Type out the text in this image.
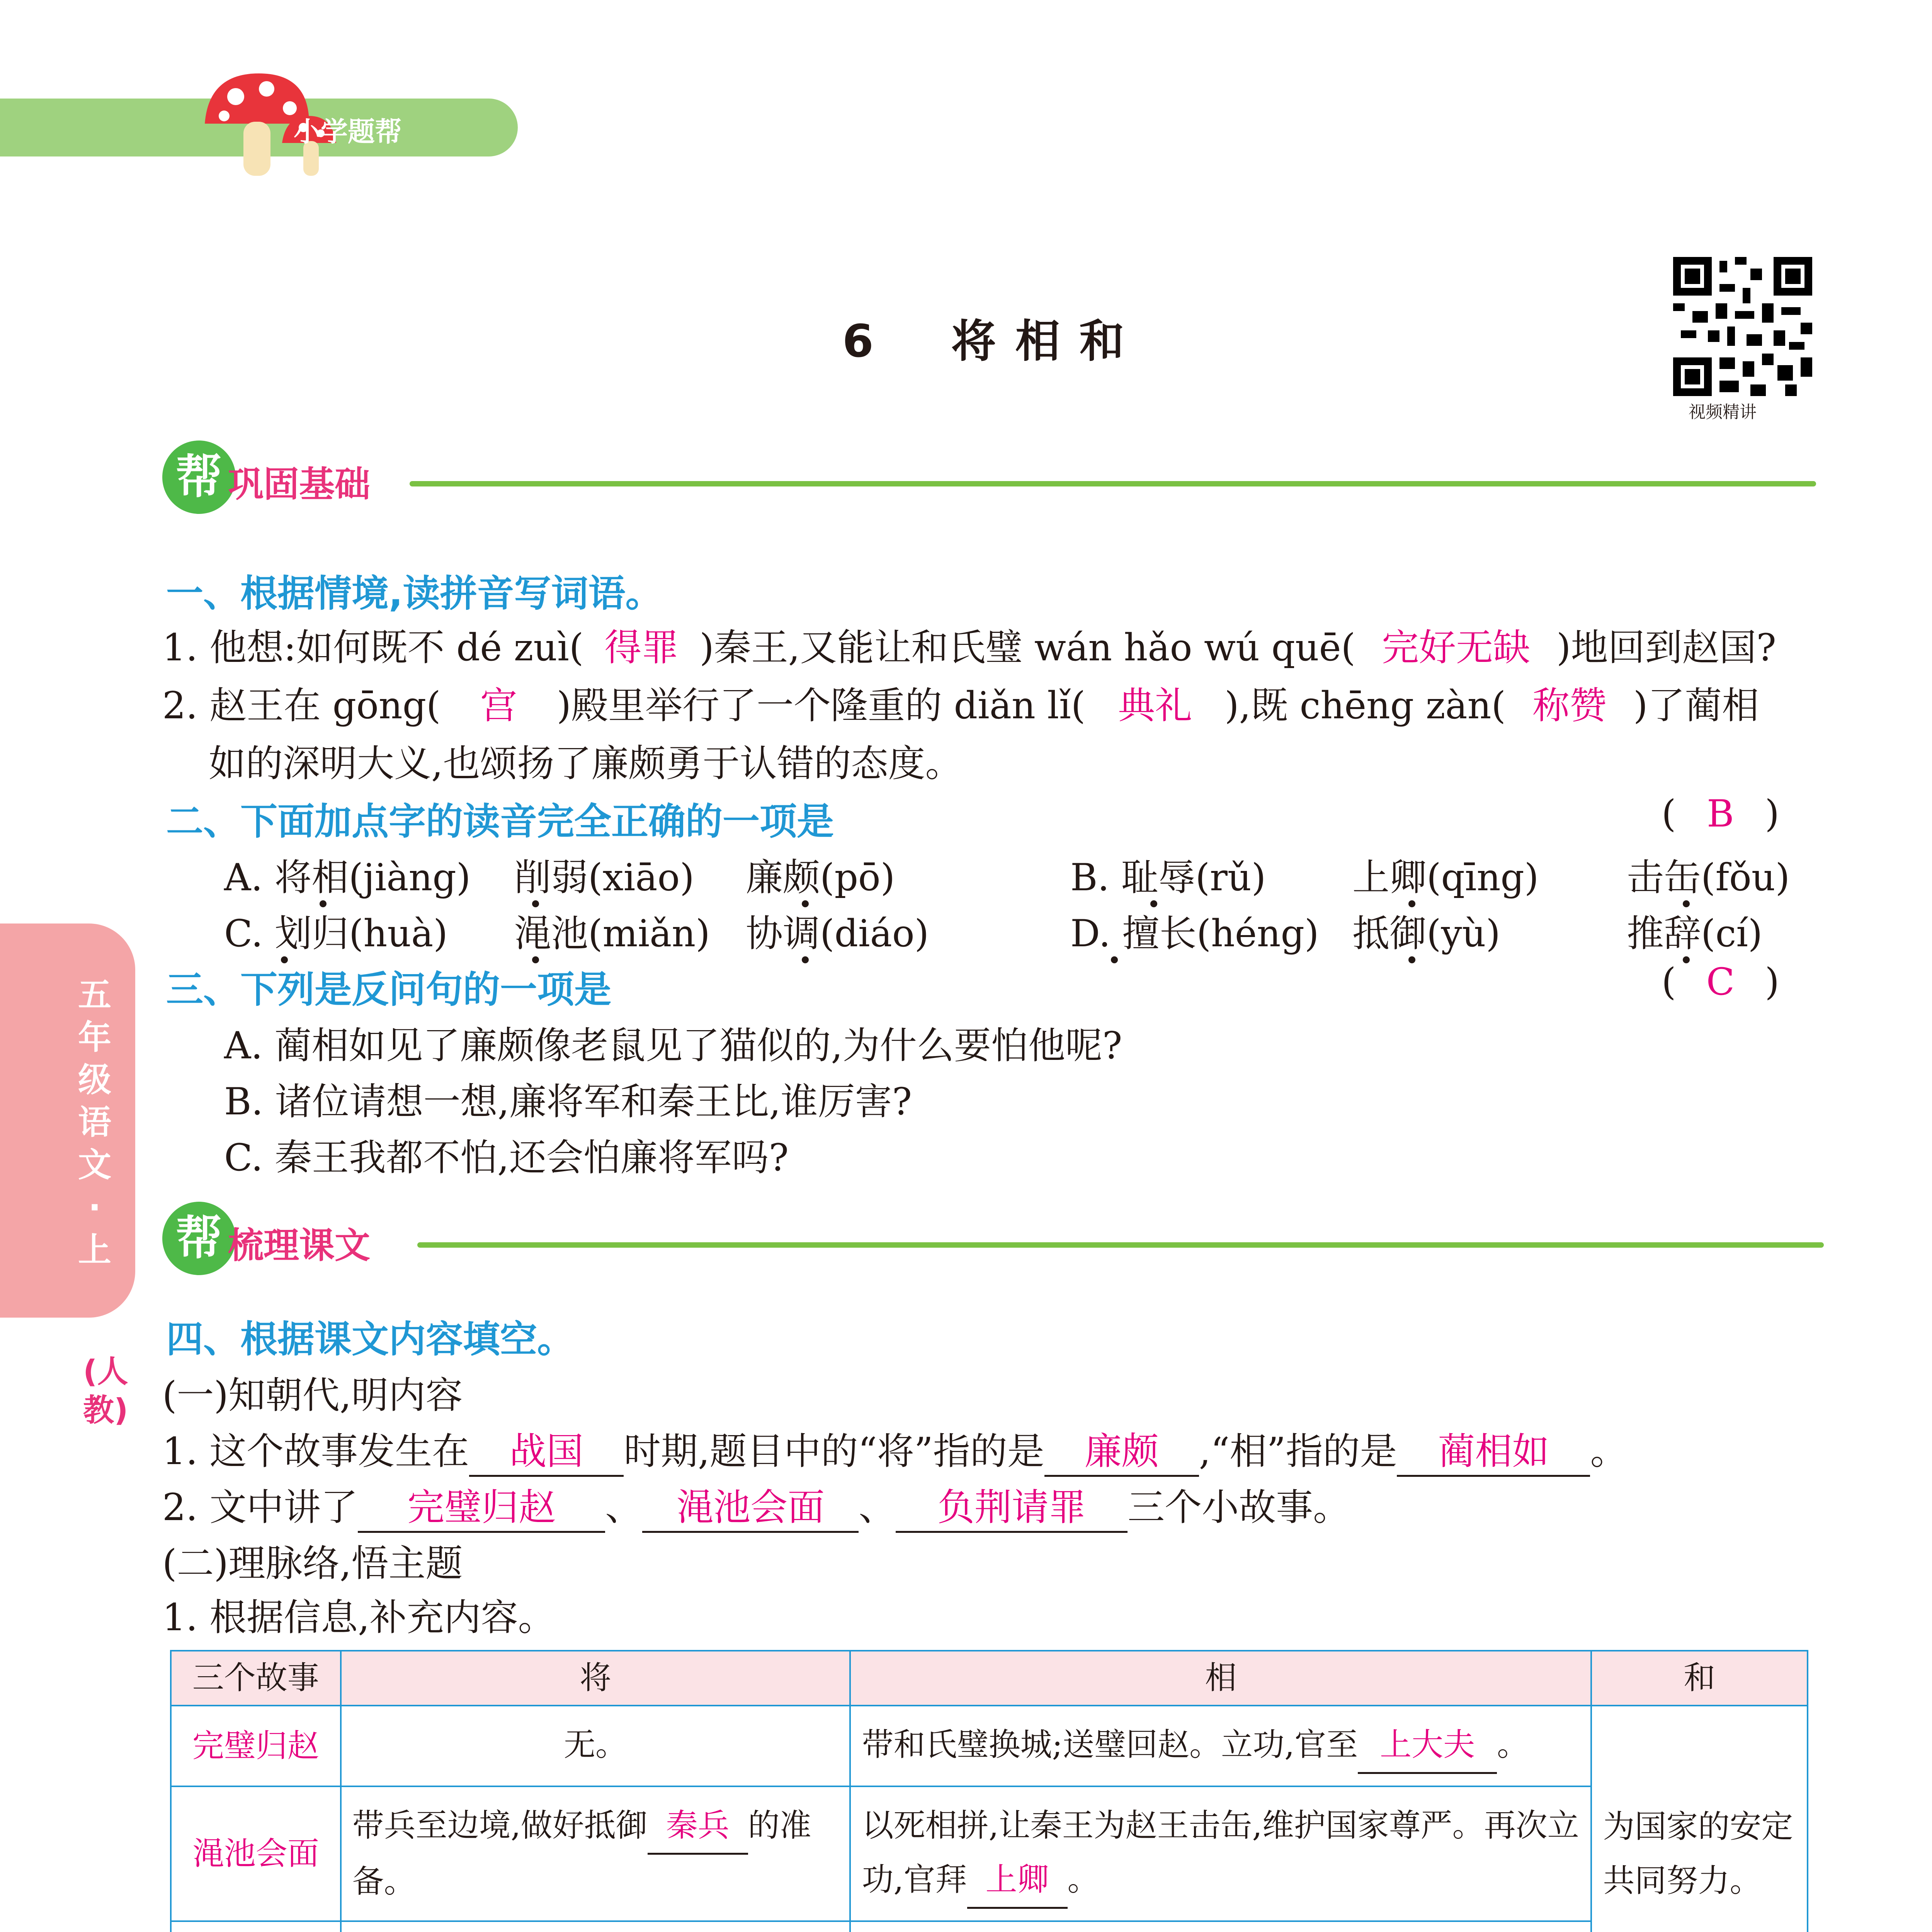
小学题帮
6 将相和
视频精讲
帮 巩固基础
一、根据情境,读拼音写词语。
1. 他想:如何既不 dé zuì( 得罪 )秦王,又能让和氏璧 wán hǎo wú quē( 完好无缺 )地回到赵国?
2. 赵王在 gōng( 宫 )殿里举行了一个隆重的 diǎn lǐ( 典礼 ),既 chēng zàn( 称赞 )了蔺相
如的深明大义,也颂扬了廉颇勇于认错的态度。
二、下面加点字的读音完全正确的一项是	( B )
A. 将相(jiàng) 削弱(xiāo) 廉颇(pō)	B. 耻辱(rǔ) 上卿(qīng) 击缶(fǒu)
C. 划归(huà) 渑池(miǎn) 协调(diáo)	D. 擅长(héng) 抵御(yù)	推辞(cí)
三、下列是反问句的一项是	( C )
A. 蔺相如见了廉颇像老鼠见了猫似的,为什么要怕他呢?
B. 诸位请想一想,廉将军和秦王比,谁厉害?
C. 秦王我都不怕,还会怕廉将军吗?
五年级语文·上
(人教)
帮 梳理课文
四、根据课文内容填空。
(一)知朝代,明内容
1. 这个故事发生在 战国 时期,题目中的“将”指的是 廉颇 ,“相”指的是 蔺相如 。
2. 文中讲了 完璧归赵 、 渑池会面 、 负荆请罪 三个小故事。
(二)理脉络,悟主题
1. 根据信息,补充内容。
三个故事	将	相	和
完璧归赵	无。	带和氏璧换城;送璧回赵。立功,官至 上大夫 。	为国家的安定共同努力。
渑池会面	带兵至边境,做好抵御 秦兵 的准备。	以死相拼,让秦王为赵王击缶,维护国家尊严。再次立功,官拜 上卿 。	
